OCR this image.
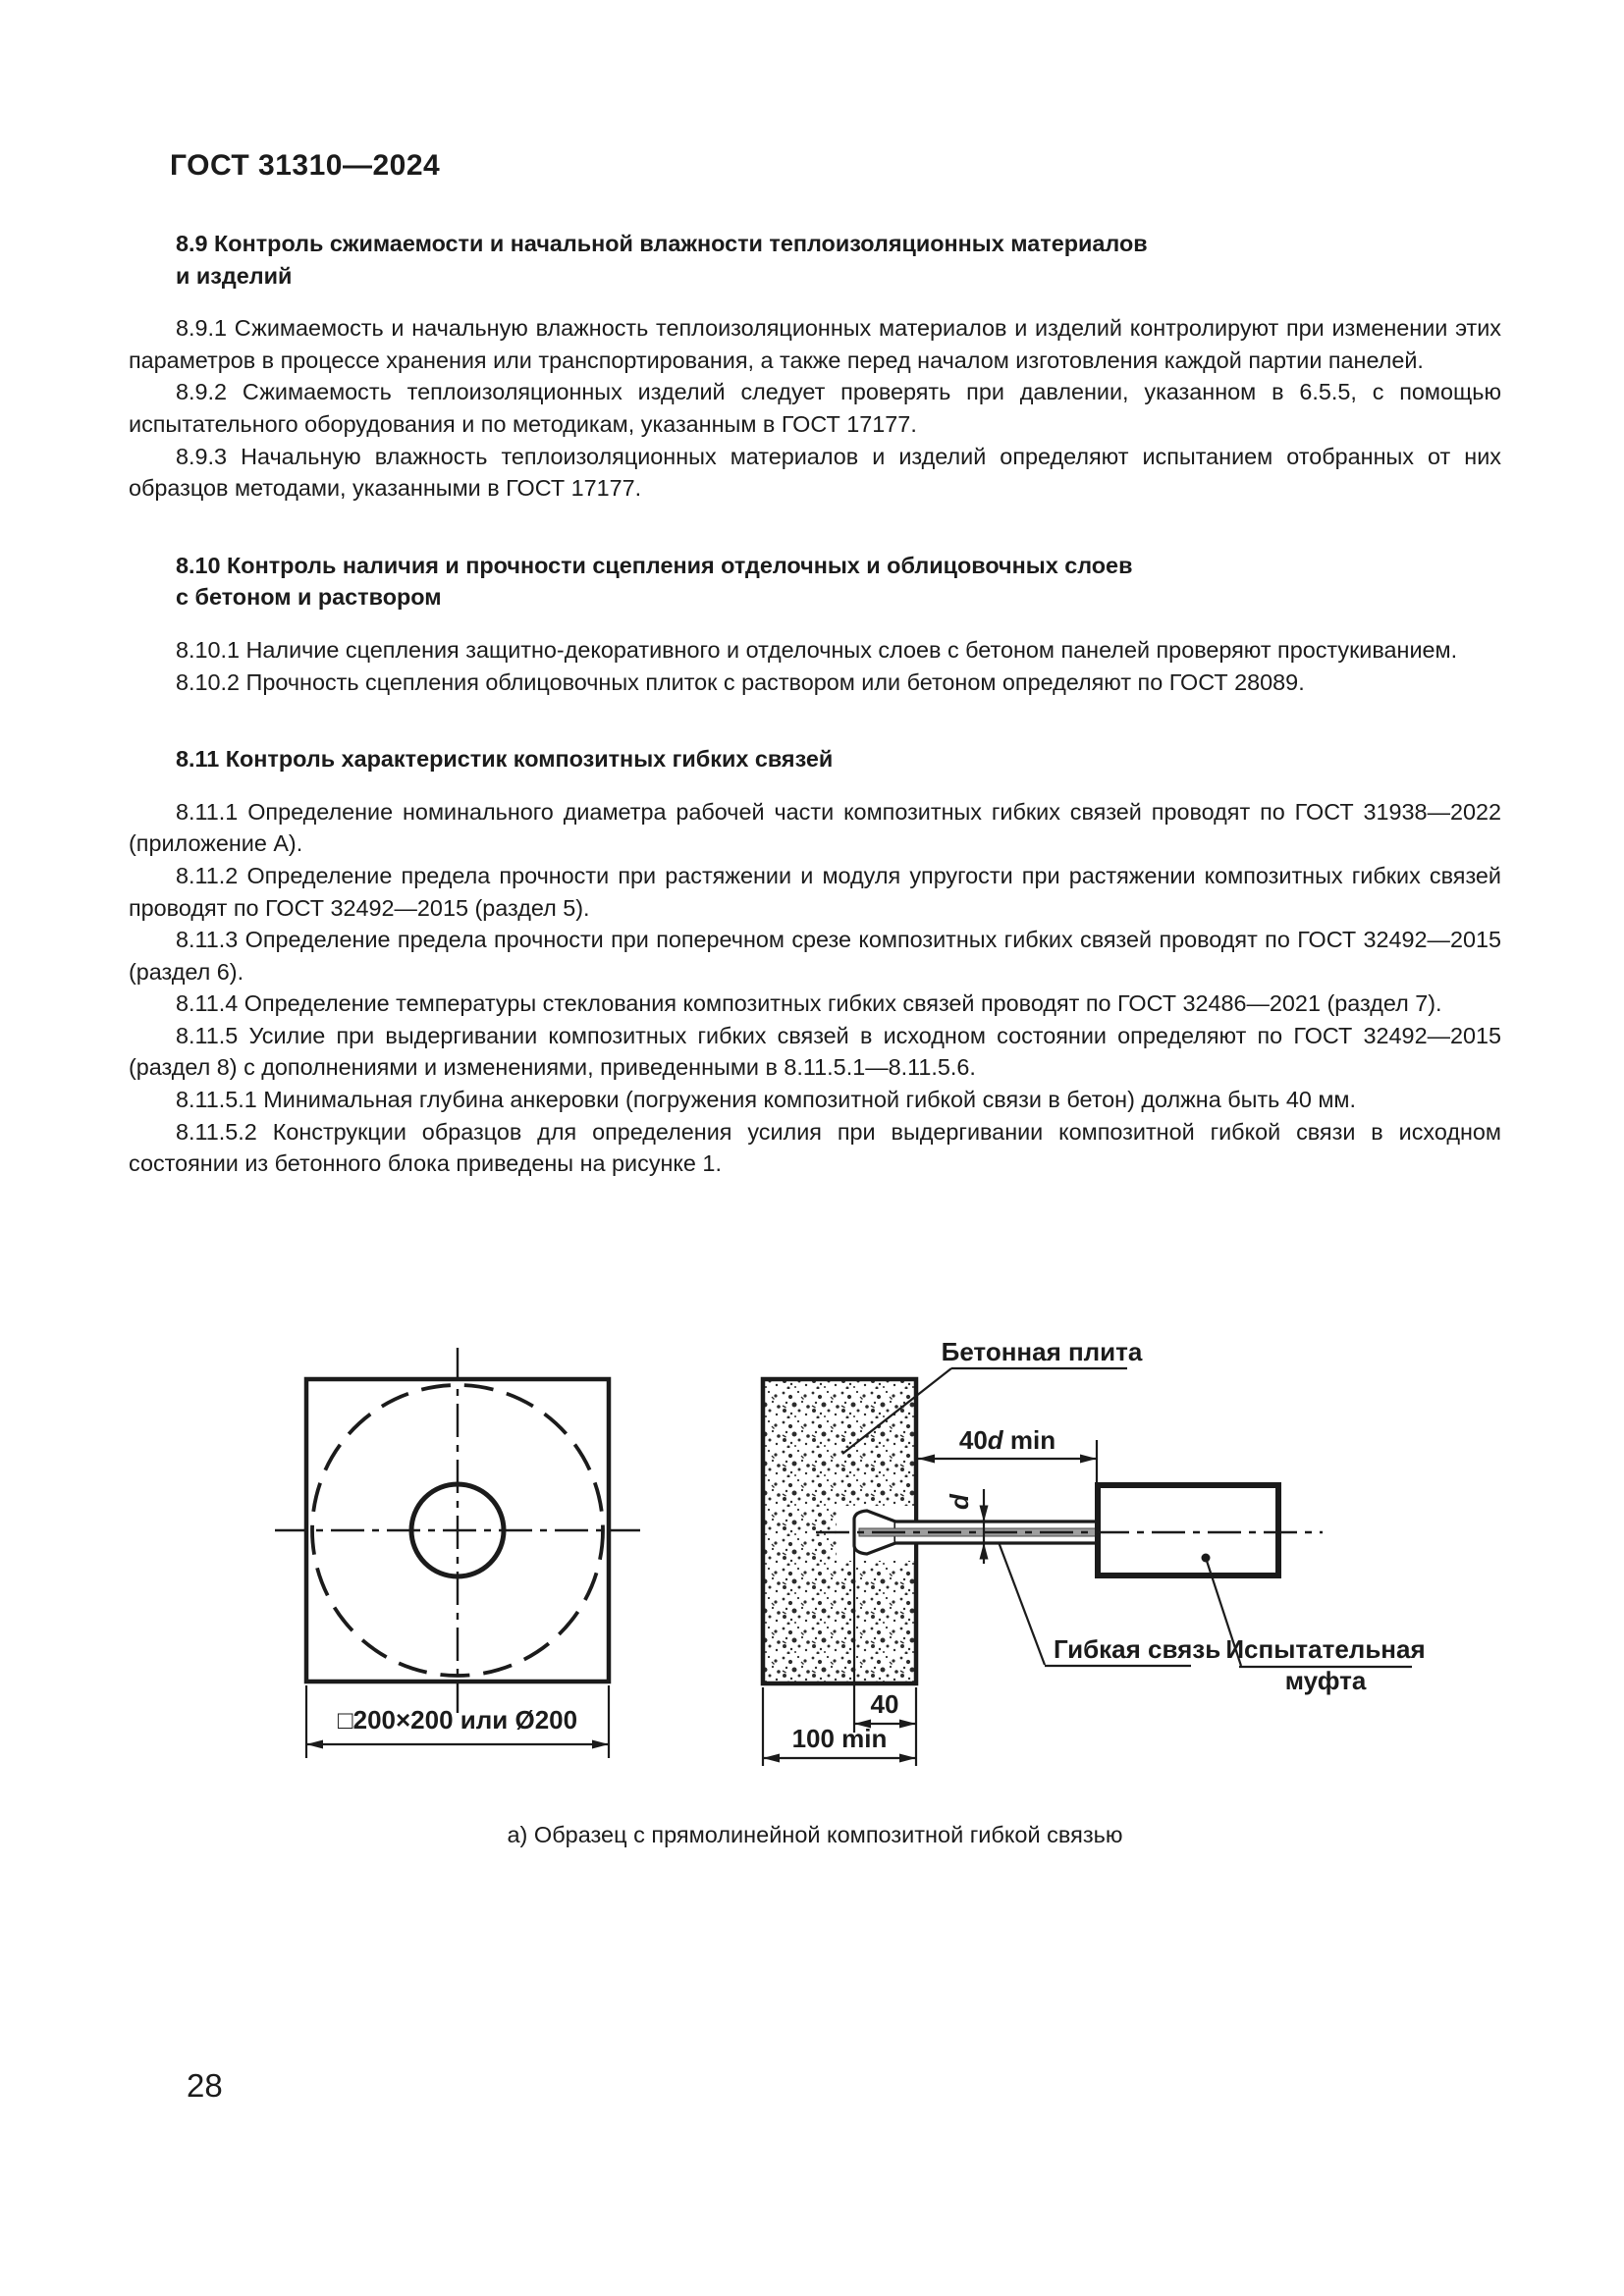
ГОСТ 31310—2024
8.9 Контроль сжимаемости и начальной влажности теплоизоляционных материалов
и изделий

8.9.1 Сжимаемость и начальную влажность теплоизоляционных материалов и изделий контролируют при изменении этих параметров в процессе хранения или транспортирования, а также перед началом изготовления каждой партии панелей.

8.9.2 Сжимаемость теплоизоляционных изделий следует проверять при давлении, указанном в 6.5.5, с помощью испытательного оборудования и по методикам, указанным в ГОСТ 17177.

8.9.3 Начальную влажность теплоизоляционных материалов и изделий определяют испытанием отобранных от них образцов методами, указанными в ГОСТ 17177.

8.10 Контроль наличия и прочности сцепления отделочных и облицовочных слоев
с бетоном и раствором

8.10.1 Наличие сцепления защитно-декоративного и отделочных слоев с бетоном панелей проверяют простукиванием.

8.10.2 Прочность сцепления облицовочных плиток с раствором или бетоном определяют по ГОСТ 28089.

8.11 Контроль характеристик композитных гибких связей

8.11.1 Определение номинального диаметра рабочей части композитных гибких связей проводят по ГОСТ 31938—2022 (приложение А).

8.11.2 Определение предела прочности при растяжении и модуля упругости при растяжении композитных гибких связей проводят по ГОСТ 32492—2015 (раздел 5).

8.11.3 Определение предела прочности при поперечном срезе композитных гибких связей проводят по ГОСТ 32492—2015 (раздел 6).

8.11.4 Определение температуры стеклования композитных гибких связей проводят по ГОСТ 32486—2021 (раздел 7).

8.11.5 Усилие при выдергивании композитных гибких связей в исходном состоянии определяют по ГОСТ 32492—2015 (раздел 8) с дополнениями и изменениями, приведенными в 8.11.5.1—8.11.5.6.

8.11.5.1 Минимальная глубина анкеровки (погружения композитной гибкой связи в бетон) должна быть 40 мм.

8.11.5.2 Конструкции образцов для определения усилия при выдергивании композитной гибкой связи в исходном состоянии из бетонного блока приведены на рисунке 1.

□200×200 или Ø200
Бетонная плита
40d min
d
Гибкая связь Испытательная
муфта
40
100 min
а) Образец с прямолинейной композитной гибкой связью
28
